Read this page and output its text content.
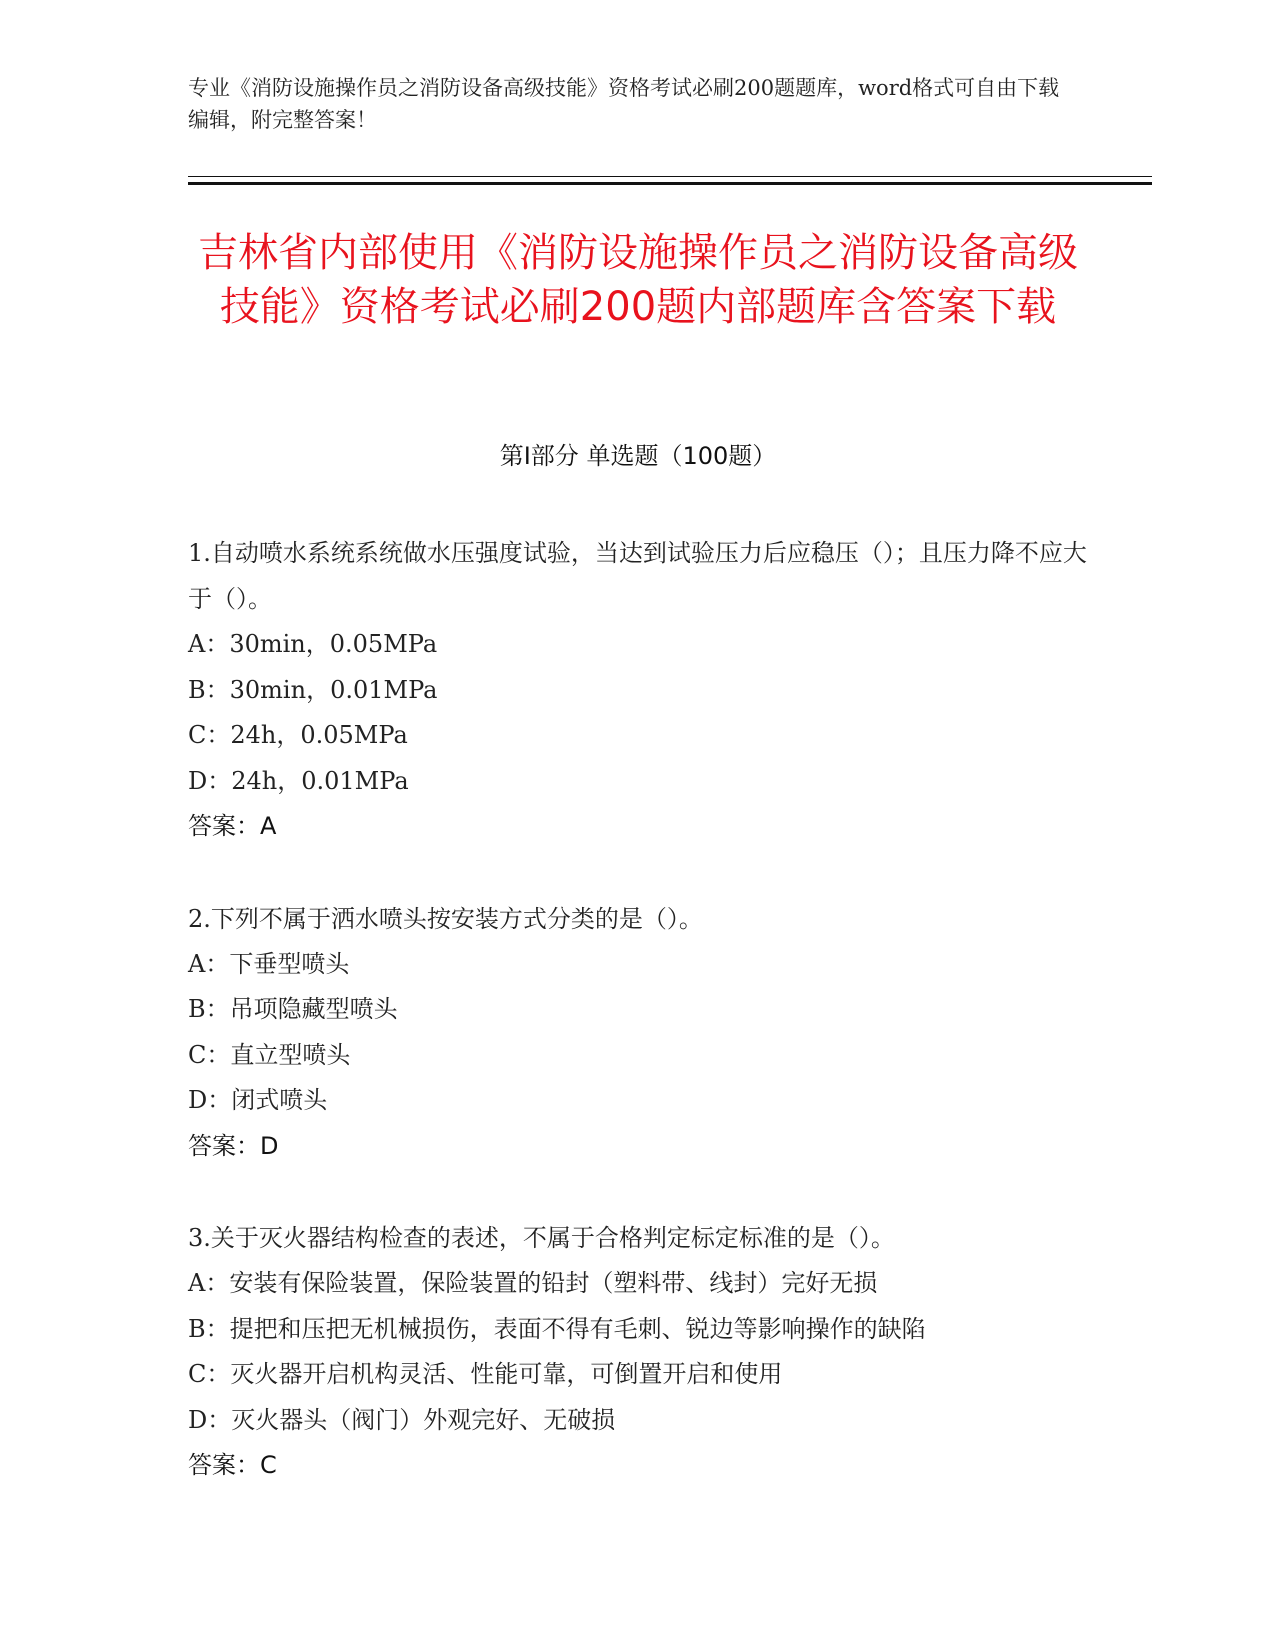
专业《消防设施操作员之消防设备高级技能》资格考试必刷200题题库，word格式可自由下载编辑，附完整答案！
吉林省内部使用《消防设施操作员之消防设备高级技能》资格考试必刷200题内部题库含答案下载
第Ⅰ部分 单选题（100题）

1.自动喷水系统系统做水压强度试验，当达到试验压力后应稳压（）；且压力降不应大于（）。

A：30min，0.05MPa

B：30min，0.01MPa

C：24h，0.05MPa

D：24h，0.01MPa

答案：A

2.下列不属于洒水喷头按安装方式分类的是（）。

A：下垂型喷头

B：吊项隐藏型喷头

C：直立型喷头

D：闭式喷头

答案：D

3.关于灭火器结构检查的表述，不属于合格判定标定标准的是（）。

A：安装有保险装置，保险装置的铅封（塑料带、线封）完好无损

B：提把和压把无机械损伤，表面不得有毛刺、锐边等影响操作的缺陷

C：灭火器开启机构灵活、性能可靠，可倒置开启和使用

D：灭火器头（阀门）外观完好、无破损

答案：C
